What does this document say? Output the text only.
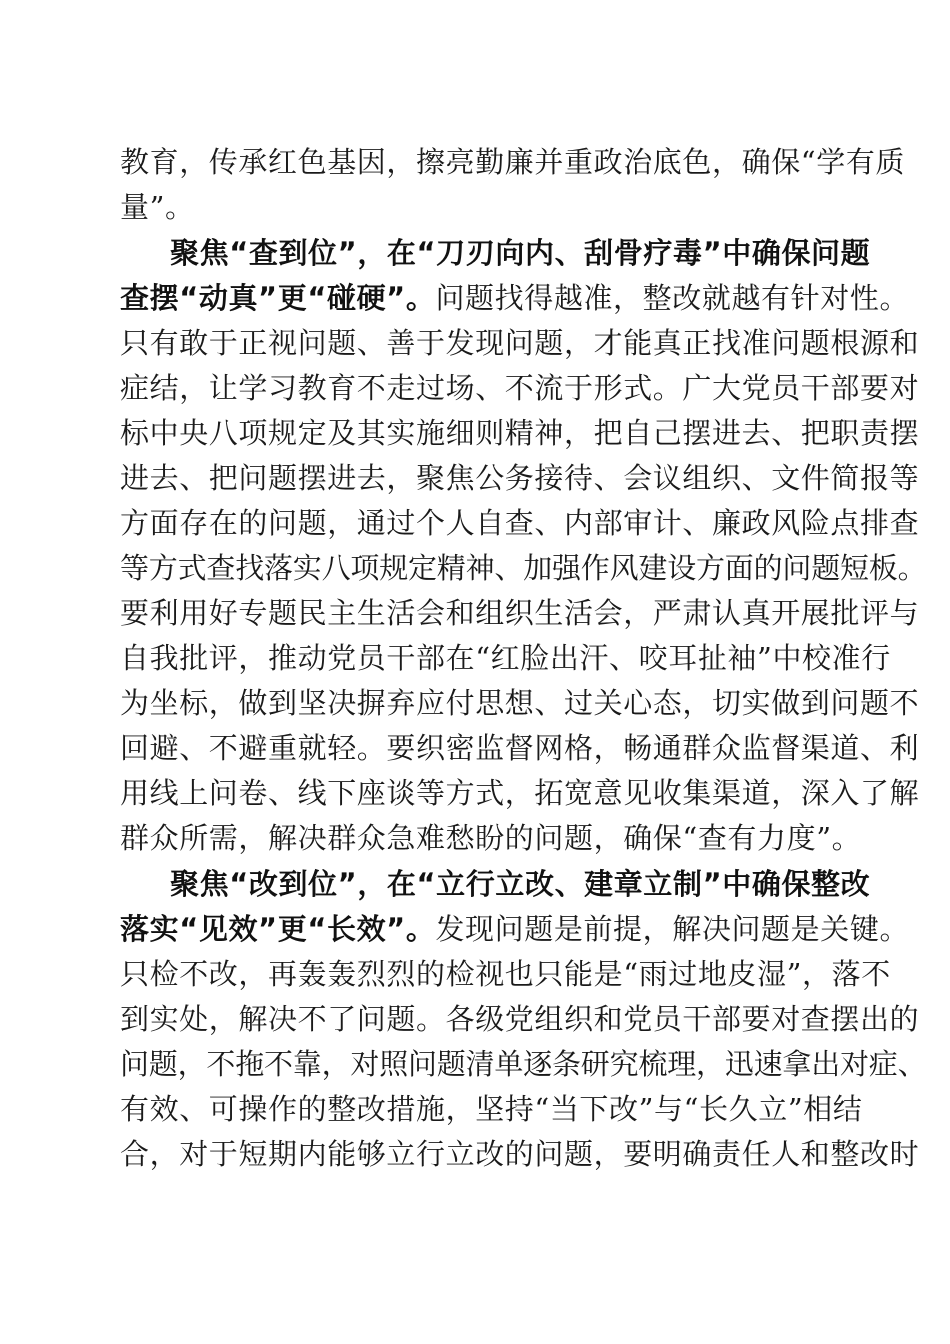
教育，传承红色基因，擦亮勤廉并重政治底色，确保“学有质
量”。
聚焦“查到位”，在“刀刃向内、刮骨疗毒”中确保问题
查摆“动真”更“碰硬”。问题找得越准，整改就越有针对性。
只有敢于正视问题、善于发现问题，才能真正找准问题根源和
症结，让学习教育不走过场、不流于形式。广大党员干部要对
标中央八项规定及其实施细则精神，把自己摆进去、把职责摆
进去、把问题摆进去，聚焦公务接待、会议组织、文件简报等
方面存在的问题，通过个人自查、内部审计、廉政风险点排查
等方式查找落实八项规定精神、加强作风建设方面的问题短板。
要利用好专题民主生活会和组织生活会，严肃认真开展批评与
自我批评，推动党员干部在“红脸出汗、咬耳扯袖”中校准行
为坐标，做到坚决摒弃应付思想、过关心态，切实做到问题不
回避、不避重就轻。要织密监督网格，畅通群众监督渠道、利
用线上问卷、线下座谈等方式，拓宽意见收集渠道，深入了解
群众所需，解决群众急难愁盼的问题，确保“查有力度”。
聚焦“改到位”，在“立行立改、建章立制”中确保整改
落实“见效”更“长效”。发现问题是前提，解决问题是关键。
只检不改，再轰轰烈烈的检视也只能是“雨过地皮湿”，落不
到实处，解决不了问题。各级党组织和党员干部要对查摆出的
问题，不拖不靠，对照问题清单逐条研究梳理，迅速拿出对症、
有效、可操作的整改措施，坚持“当下改”与“长久立”相结
合，对于短期内能够立行立改的问题，要明确责任人和整改时
